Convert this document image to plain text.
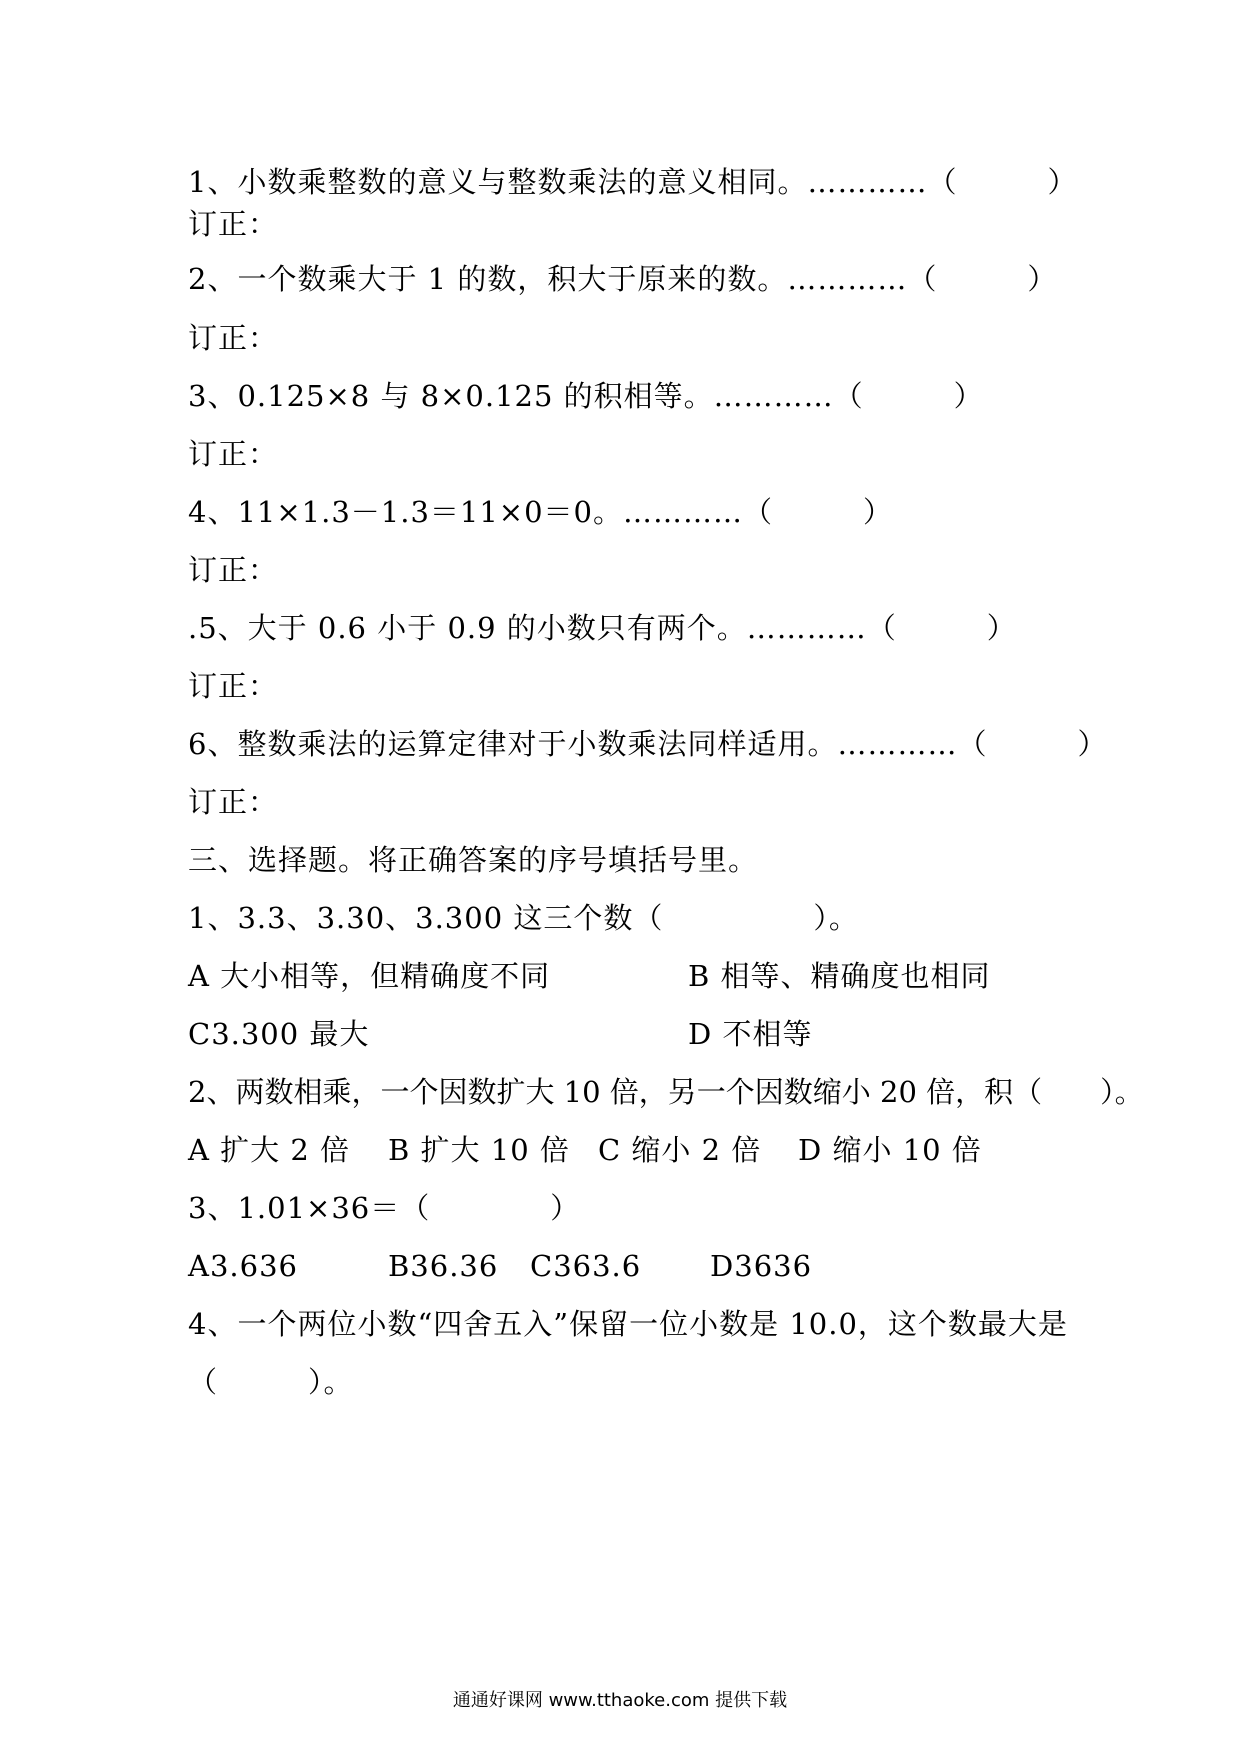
1、小数乘整数的意义与整数乘法的意义相同。…………（　　　）
订正：
2、一个数乘大于 1 的数，积大于原来的数。…………（　　　）
订正：
3、0.125×8 与 8×0.125 的积相等。…………（　　　）
订正：
4、11×1.3－1.3＝11×0＝0。…………（　　　）
订正：
.5、大于 0.6 小于 0.9 的小数只有两个。…………（　　　）
订正：
6、整数乘法的运算定律对于小数乘法同样适用。…………（　　　）
订正：
三、选择题。将正确答案的序号填括号里。
1、3.3、3.30、3.300 这三个数（　　　　　）。
A 大小相等，但精确度不同	B 相等、精确度也相同
C3.300 最大	D 不相等
2、两数相乘，一个因数扩大 10 倍，另一个因数缩小 20 倍，积（　　）。
A 扩大 2 倍 B 扩大 10 倍 C 缩小 2 倍 D 缩小 10 倍
3、1.01×36＝（　　　　）
A3.636	B36.36 C363.6 D3636
4、一个两位小数“四舍五入”保留一位小数是 10.0，这个数最大是
（　　　）。
通通好课网 www.tthaoke.com 提供下载
